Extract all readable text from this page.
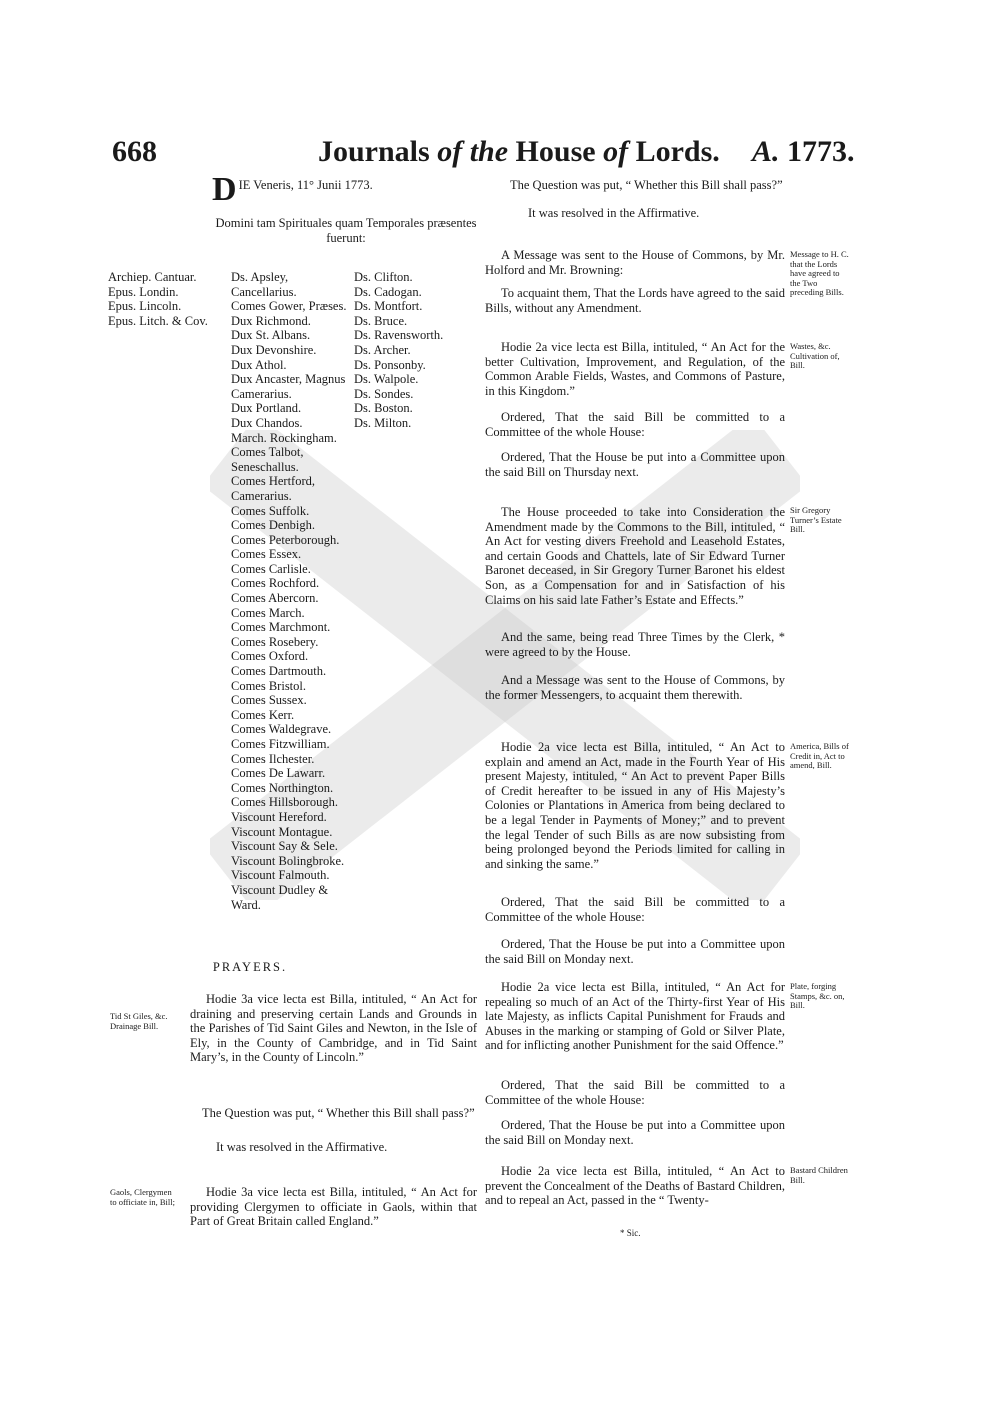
668	Journals of the House of Lords. A. 1773.
D IE Veneris, 11° Junii 1773.

Domini tam Spirituales quam Temporales præsentes fuerunt:
Archiep. Cantuar.
Epus. Londin.
Epus. Lincoln.
Epus. Litch. & Cov.
Ds. Apsley, Cancellarius.
Comes Gower, Præses.
Dux Richmond.
Dux St. Albans.
Dux Devonshire.
Dux Athol.
Dux Ancaster, Magnus Camerarius.
Dux Portland.
Dux Chandos.
March. Rockingham.
Comes Talbot, Seneschallus.
Comes Hertford, Camerarius.
Comes Suffolk.
Comes Denbigh.
Comes Peterborough.
Comes Essex.
Comes Carlisle.
Comes Rochford.
Comes Abercorn.
Comes March.
Comes Marchmont.
Comes Rosebery.
Comes Oxford.
Comes Dartmouth.
Comes Bristol.
Comes Sussex.
Comes Kerr.
Comes Waldegrave.
Comes Fitzwilliam.
Comes Ilchester.
Comes De Lawarr.
Comes Northington.
Comes Hillsborough.
Viscount Hereford.
Viscount Montague.
Viscount Say & Sele.
Viscount Bolingbroke.
Viscount Falmouth.
Viscount Dudley & Ward.
Ds. Clifton.
Ds. Cadogan.
Ds. Montfort.
Ds. Bruce.
Ds. Ravensworth.
Ds. Archer.
Ds. Ponsonby.
Ds. Walpole.
Ds. Sondes.
Ds. Boston.
Ds. Milton.
PRAYERS.
Tid St Giles, &c. Drainage Bill.
Hodie 3a vice lecta est Billa, intituled, “ An Act for draining and preserving certain Lands and Grounds in the Parishes of Tid Saint Giles and Newton, in the Isle of Ely, in the County of Cambridge, and in Tid Saint Mary’s, in the County of Lincoln.”
The Question was put, “ Whether this Bill shall pass?”
It was resolved in the Affirmative.
Gaols, Clergymen to officiate in, Bill;
Hodie 3a vice lecta est Billa, intituled, “ An Act for providing Clergymen to officiate in Gaols, within that Part of Great Britain called England.”
The Question was put, “ Whether this Bill shall pass?”
It was resolved in the Affirmative.
A Message was sent to the House of Commons, by Mr. Holford and Mr. Browning:
To acquaint them, That the Lords have agreed to the said Bills, without any Amendment.
Message to H. C. that the Lords have agreed to the Two preceding Bills.
Hodie 2a vice lecta est Billa, intituled, “ An Act for the better Cultivation, Improvement, and Regulation, of the Common Arable Fields, Wastes, and Commons of Pasture, in this Kingdom.”
Wastes, &c. Cultivation of, Bill.
Ordered, That the said Bill be committed to a Committee of the whole House:
Ordered, That the House be put into a Committee upon the said Bill on Thursday next.
The House proceeded to take into Consideration the Amendment made by the Commons to the Bill, intituled, “ An Act for vesting divers Freehold and Leasehold Estates, and certain Goods and Chattels, late of Sir Edward Turner Baronet deceased, in Sir Gregory Turner Baronet his eldest Son, as a Compensation for and in Satisfaction of his Claims on his said late Father’s Estate and Effects.”
Sir Gregory Turner’s Estate Bill.
And the same, being read Three Times by the Clerk, * were agreed to by the House.
And a Message was sent to the House of Commons, by the former Messengers, to acquaint them therewith.
Hodie 2a vice lecta est Billa, intituled, “ An Act to explain and amend an Act, made in the Fourth Year of His present Majesty, intituled, “ An Act to prevent Paper Bills of Credit hereafter to be issued in any of His Majesty’s Colonies or Plantations in America from being declared to be a legal Tender in Payments of Money;” and to prevent the legal Tender of such Bills as are now subsisting from being prolonged beyond the Periods limited for calling in and sinking the same.”
America, Bills of Credit in, Act to amend, Bill.
Ordered, That the said Bill be committed to a Committee of the whole House:
Ordered, That the House be put into a Committee upon the said Bill on Monday next.
Hodie 2a vice lecta est Billa, intituled, “ An Act for repealing so much of an Act of the Thirty-first Year of His late Majesty, as inflicts Capital Punishment for Frauds and Abuses in the marking or stamping of Gold or Silver Plate, and for inflicting another Punishment for the said Offence.”
Plate, forging Stamps, &c. on, Bill.
Ordered, That the said Bill be committed to a Committee of the whole House:
Ordered, That the House be put into a Committee upon the said Bill on Monday next.
Hodie 2a vice lecta est Billa, intituled, “ An Act to prevent the Concealment of the Deaths of Bastard Children, and to repeal an Act, passed in the “ Twenty-
Bastard Children Bill.
* Sic.
